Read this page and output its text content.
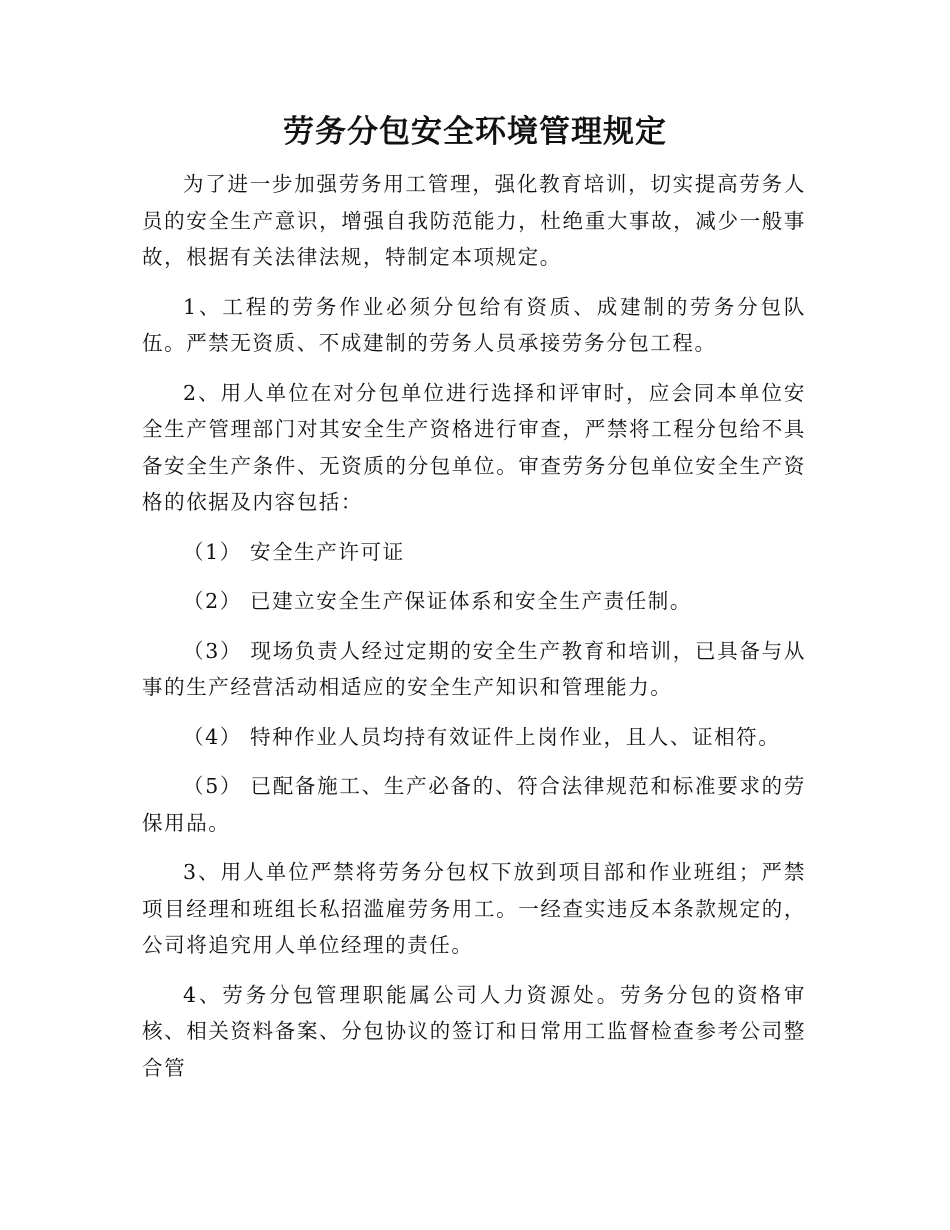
劳务分包安全环境管理规定

为了进一步加强劳务用工管理，强化教育培训，切实提高劳务人员的安全生产意识，增强自我防范能力，杜绝重大事故，减少一般事故，根据有关法律法规，特制定本项规定。

1、工程的劳务作业必须分包给有资质、成建制的劳务分包队伍。严禁无资质、不成建制的劳务人员承接劳务分包工程。

2、用人单位在对分包单位进行选择和评审时，应会同本单位安全生产管理部门对其安全生产资格进行审查，严禁将工程分包给不具备安全生产条件、无资质的分包单位。审查劳务分包单位安全生产资格的依据及内容包括：

（1） 安全生产许可证

（2） 已建立安全生产保证体系和安全生产责任制。

（3） 现场负责人经过定期的安全生产教育和培训，已具备与从事的生产经营活动相适应的安全生产知识和管理能力。

（4） 特种作业人员均持有效证件上岗作业，且人、证相符。

（5） 已配备施工、生产必备的、符合法律规范和标准要求的劳保用品。

3、用人单位严禁将劳务分包权下放到项目部和作业班组；严禁项目经理和班组长私招滥雇劳务用工。一经查实违反本条款规定的，公司将追究用人单位经理的责任。

4、劳务分包管理职能属公司人力资源处。劳务分包的资格审核、相关资料备案、分包协议的签订和日常用工监督检查参考公司整合管
